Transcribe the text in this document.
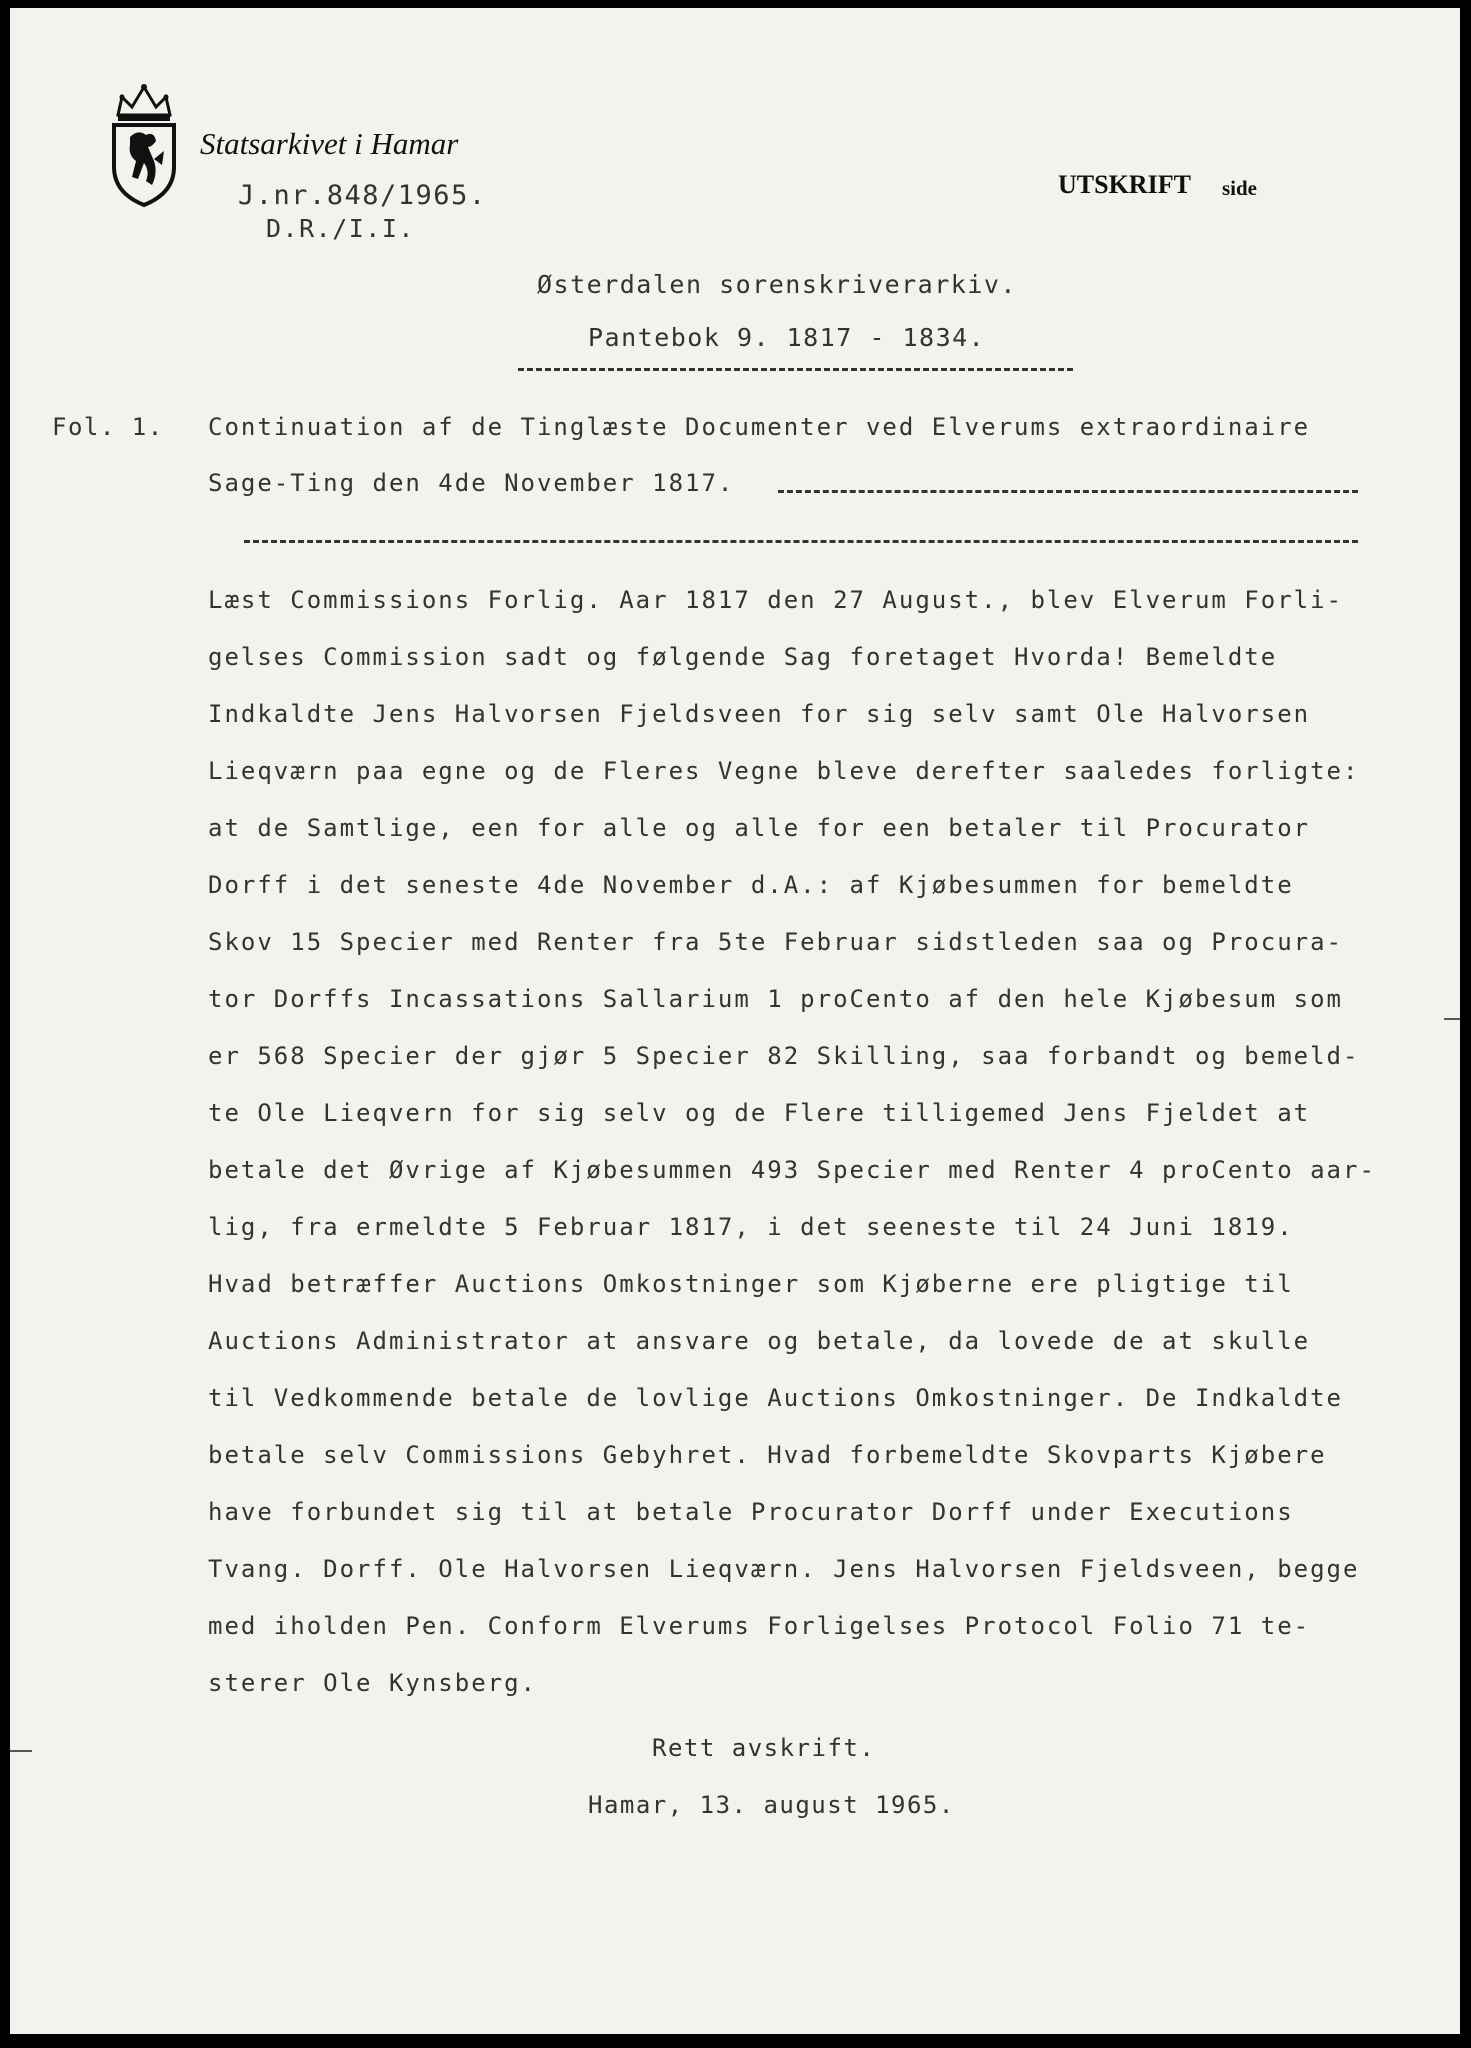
Statsarkivet i Hamar
J.nr.848/1965.
D.R./I.I.
UTSKRIFT side
Østerdalen sorenskriverarkiv.
Pantebok 9. 1817 - 1834.
Fol. 1. Continuation af de Tinglæste Documenter ved Elverums extraordinaire
Sage-Ting den 4de November 1817.
Læst Commissions Forlig. Aar 1817 den 27 August., blev Elverum Forli-
gelses Commission sadt og følgende Sag foretaget Hvorda! Bemeldte
Indkaldte Jens Halvorsen Fjeldsveen for sig selv samt Ole Halvorsen
Lieqværn paa egne og de Fleres Vegne bleve derefter saaledes forligte:
at de Samtlige, een for alle og alle for een betaler til Procurator
Dorff i det seneste 4de November d.A.: af Kjøbesummen for bemeldte
Skov 15 Specier med Renter fra 5te Februar sidstleden saa og Procura-
tor Dorffs Incassations Sallarium 1 proCento af den hele Kjøbesum som
er 568 Specier der gjør 5 Specier 82 Skilling, saa forbandt og bemeld-
te Ole Lieqvern for sig selv og de Flere tilligemed Jens Fjeldet at
betale det Øvrige af Kjøbesummen 493 Specier med Renter 4 proCento aar-
lig, fra ermeldte 5 Februar 1817, i det seeneste til 24 Juni 1819.
Hvad betræffer Auctions Omkostninger som Kjøberne ere pligtige til
Auctions Administrator at ansvare og betale, da lovede de at skulle
til Vedkommende betale de lovlige Auctions Omkostninger. De Indkaldte
betale selv Commissions Gebyhret. Hvad forbemeldte Skovparts Kjøbere
have forbundet sig til at betale Procurator Dorff under Executions
Tvang. Dorff. Ole Halvorsen Lieqværn. Jens Halvorsen Fjeldsveen, begge
med iholden Pen. Conform Elverums Forligelses Protocol Folio 71 te-
sterer Ole Kynsberg.
Rett avskrift.
Hamar, 13. august 1965.
